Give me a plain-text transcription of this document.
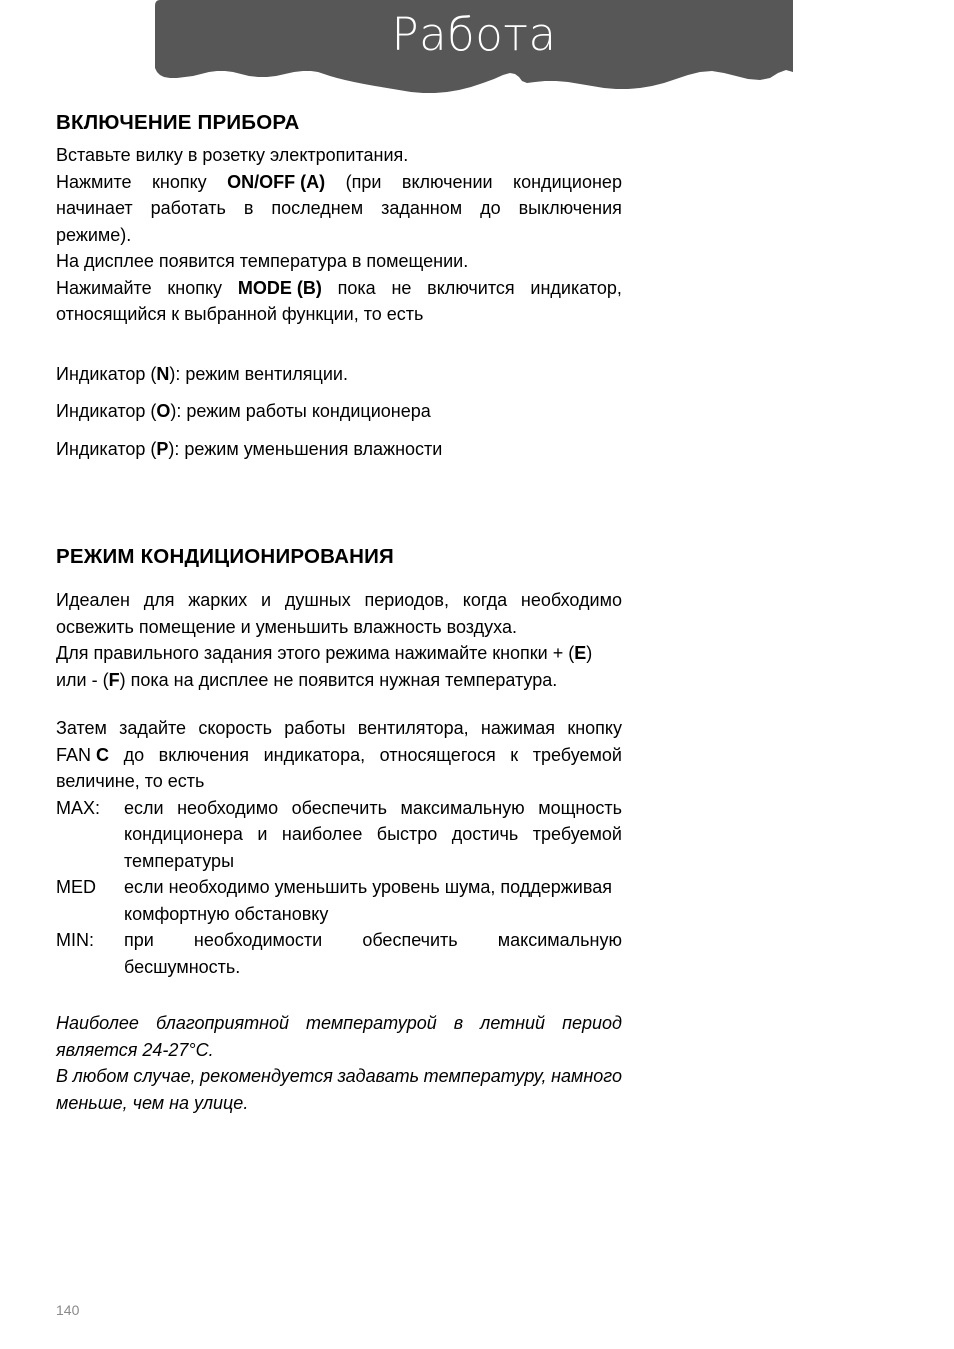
Работа
ВКЛЮЧЕНИЕ ПРИБОРА
Вставьте вилку в розетку электропитания.
Нажмите кнопку ON/OFF (A) (при включении кондиционер
начинает работать в последнем заданном до выключения
режиме).
На дисплее появится температура в помещении.
Нажимайте кнопку MODE (B) пока не включится индикатор,
относящийся к выбранной функции, то есть
Индикатор (N): режим вентиляции.
Индикатор (O): режим работы кондиционера
Индикатор (P): режим уменьшения влажности
РЕЖИМ КОНДИЦИОНИРОВАНИЯ
Идеален для жарких и душных периодов, когда необходимо
освежить помещение и уменьшить влажность воздуха.
Для правильного задания этого режима нажимайте кнопки + (E)
или - (F) пока на дисплее не появится нужная температура.
Затем задайте скорость работы вентилятора, нажимая кнопку
FAN C до включения индикатора, относящегося к требуемой
величине, то есть
MAX:	если необходимо обеспечить максимальную мощность
кондиционера и наиболее быстро достичь требуемой
температуры
MED	если необходимо уменьшить уровень шума, поддерживая
комфортную обстановку
MIN:	при необходимости обеспечить максимальную
бесшумность.
Наиболее благоприятной температурой в летний период
является 24-27°C.
В любом случае, рекомендуется задавать температуру, намного
меньше, чем на улице.
140
